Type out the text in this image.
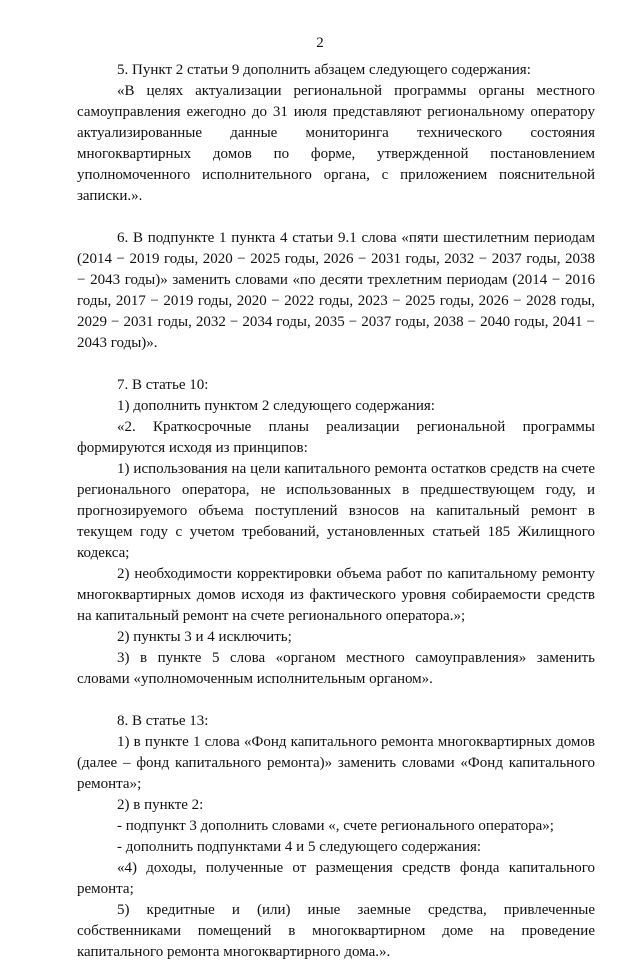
2

5. Пункт 2 статьи 9 дополнить абзацем следующего содержания:

«В целях актуализации региональной программы органы местного самоуправления ежегодно до 31 июля представляют региональному оператору актуализированные данные мониторинга технического состояния многоквартирных домов по форме, утвержденной постановлением уполномоченного исполнительного органа, с приложением пояснительной записки.».

6. В подпункте 1 пункта 4 статьи 9.1 слова «пяти шестилетним периодам (2014 − 2019 годы, 2020 − 2025 годы, 2026 − 2031 годы, 2032 − 2037 годы, 2038 − 2043 годы)» заменить словами «по десяти трехлетним периодам (2014 − 2016 годы, 2017 − 2019 годы, 2020 − 2022 годы, 2023 − 2025 годы, 2026 − 2028 годы, 2029 − 2031 годы, 2032 − 2034 годы, 2035 − 2037 годы, 2038 − 2040 годы, 2041 − 2043 годы)».

7. В статье 10:

1) дополнить пунктом 2 следующего содержания:

«2. Краткосрочные планы реализации региональной программы формируются исходя из принципов:

1) использования на цели капитального ремонта остатков средств на счете регионального оператора, не использованных в предшествующем году, и прогнозируемого объема поступлений взносов на капитальный ремонт в текущем году с учетом требований, установленных статьей 185 Жилищного кодекса;

2) необходимости корректировки объема работ по капитальному ремонту многоквартирных домов исходя из фактического уровня собираемости средств на капитальный ремонт на счете регионального оператора.»;

2) пункты 3 и 4 исключить;

3) в пункте 5 слова «органом местного самоуправления» заменить словами «уполномоченным исполнительным органом».

8. В статье 13:

1) в пункте 1 слова «Фонд капитального ремонта многоквартирных домов (далее – фонд капитального ремонта)» заменить словами «Фонд капитального ремонта»;

2) в пункте 2:

- подпункт 3 дополнить словами «, счете регионального оператора»;

- дополнить подпунктами 4 и 5 следующего содержания:

«4) доходы, полученные от размещения средств фонда капитального ремонта;

5) кредитные и (или) иные заемные средства, привлеченные собственниками помещений в многоквартирном доме на проведение капитального ремонта многоквартирного дома.».
